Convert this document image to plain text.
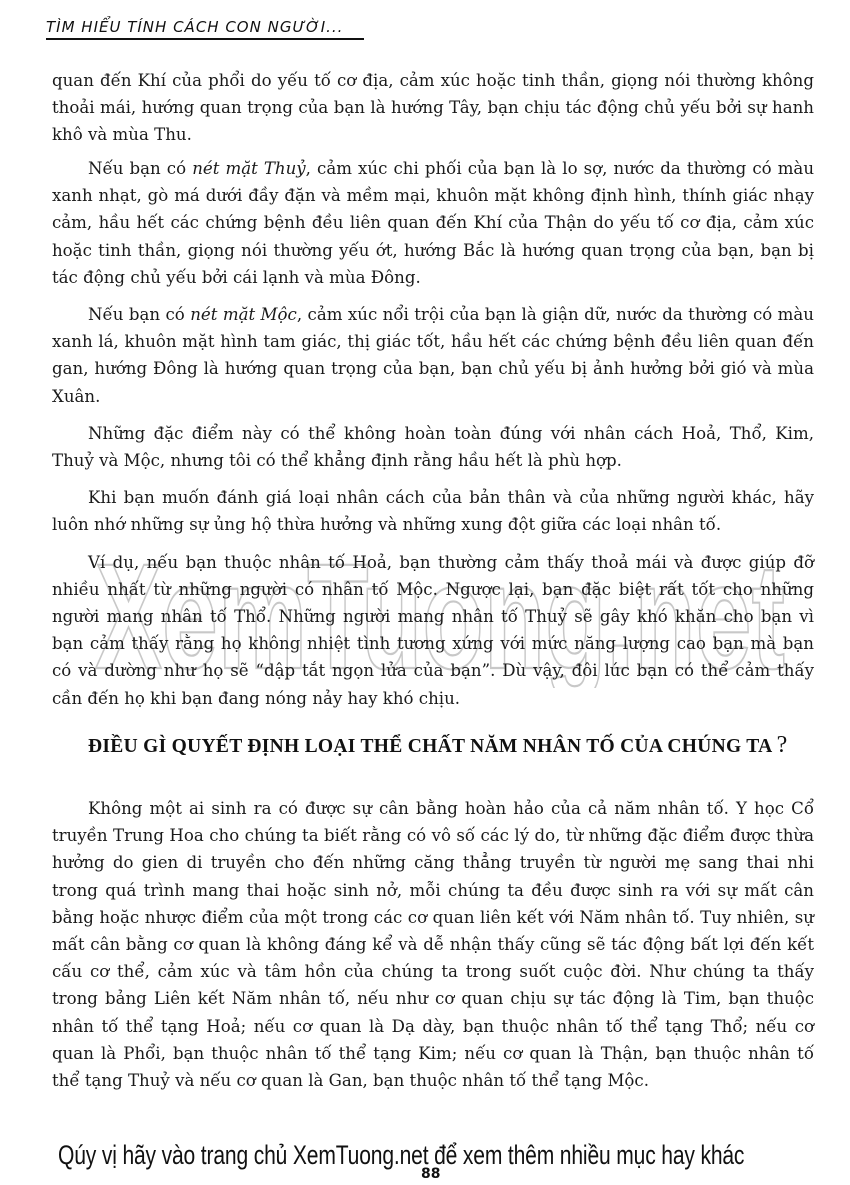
TÌM HIỂU TÍNH CÁCH CON NGƯỜI...

quan đến Khí của phổi do yếu tố cơ địa, cảm xúc hoặc tinh thần, giọng nói thường không thoải mái, hướng quan trọng của bạn là hướng Tây, bạn chịu tác động chủ yếu bởi sự hanh khô và mùa Thu.

XemTuong.net

Nếu bạn có nét mặt Thuỷ, cảm xúc chi phối của bạn là lo sợ, nước da thường có màu xanh nhạt, gò má dưới đầy đặn và mềm mại, khuôn mặt không định hình, thính giác nhạy cảm, hầu hết các chứng bệnh đều liên quan đến Khí của Thận do yếu tố cơ địa, cảm xúc hoặc tinh thần, giọng nói thường yếu ớt, hướng Bắc là hướng quan trọng của bạn, bạn bị tác động chủ yếu bởi cái lạnh và mùa Đông.

Nếu bạn có nét mặt Mộc, cảm xúc nổi trội của bạn là giận dữ, nước da thường có màu xanh lá, khuôn mặt hình tam giác, thị giác tốt, hầu hết các chứng bệnh đều liên quan đến gan, hướng Đông là hướng quan trọng của bạn, bạn chủ yếu bị ảnh hưởng bởi gió và mùa Xuân.

Những đặc điểm này có thể không hoàn toàn đúng với nhân cách Hoả, Thổ, Kim, Thuỷ và Mộc, nhưng tôi có thể khẳng định rằng hầu hết là phù hợp.

Khi bạn muốn đánh giá loại nhân cách của bản thân và của những người khác, hãy luôn nhớ những sự ủng hộ thừa hưởng và những xung đột giữa các loại nhân tố.

Ví dụ, nếu bạn thuộc nhân tố Hoả, bạn thường cảm thấy thoả mái và được giúp đỡ nhiều nhất từ những người có nhân tố Mộc. Ngược lại, bạn đặc biệt rất tốt cho những người mang nhân tố Thổ. Những người mang nhân tố Thuỷ sẽ gây khó khăn cho bạn vì bạn cảm thấy rằng họ không nhiệt tình tương xứng với mức năng lượng cao bạn mà bạn có và dường như họ sẽ “dập tắt ngọn lửa của bạn”. Dù vậy, đôi lúc bạn có thể cảm thấy cần đến họ khi bạn đang nóng nảy hay khó chịu.

ĐIỀU GÌ QUYẾT ĐỊNH LOẠI THỂ CHẤT NĂM NHÂN TỐ CỦA CHÚNG TA ?

Không một ai sinh ra có được sự cân bằng hoàn hảo của cả năm nhân tố. Y học Cổ truyền Trung Hoa cho chúng ta biết rằng có vô số các lý do, từ những đặc điểm được thừa hưởng do gien di truyền cho đến những căng thẳng truyền từ người mẹ sang thai nhi trong quá trình mang thai hoặc sinh nở, mỗi chúng ta đều được sinh ra với sự mất cân bằng hoặc nhược điểm của một trong các cơ quan liên kết với Năm nhân tố. Tuy nhiên, sự mất cân bằng cơ quan là không đáng kể và dễ nhận thấy cũng sẽ tác động bất lợi đến kết cấu cơ thể, cảm xúc và tâm hồn của chúng ta trong suốt cuộc đời. Như chúng ta thấy trong bảng Liên kết Năm nhân tố, nếu như cơ quan chịu sự tác động là Tim, bạn thuộc nhân tố thể tạng Hoả; nếu cơ quan là Dạ dày, bạn thuộc nhân tố thể tạng Thổ; nếu cơ quan là Phổi, bạn thuộc nhân tố thể tạng Kim; nếu cơ quan là Thận, bạn thuộc nhân tố thể tạng Thuỷ và nếu cơ quan là Gan, bạn thuộc nhân tố thể tạng Mộc.

Qúy vị hãy vào trang chủ XemTuong.net để xem thêm nhiều mục hay khác
88
